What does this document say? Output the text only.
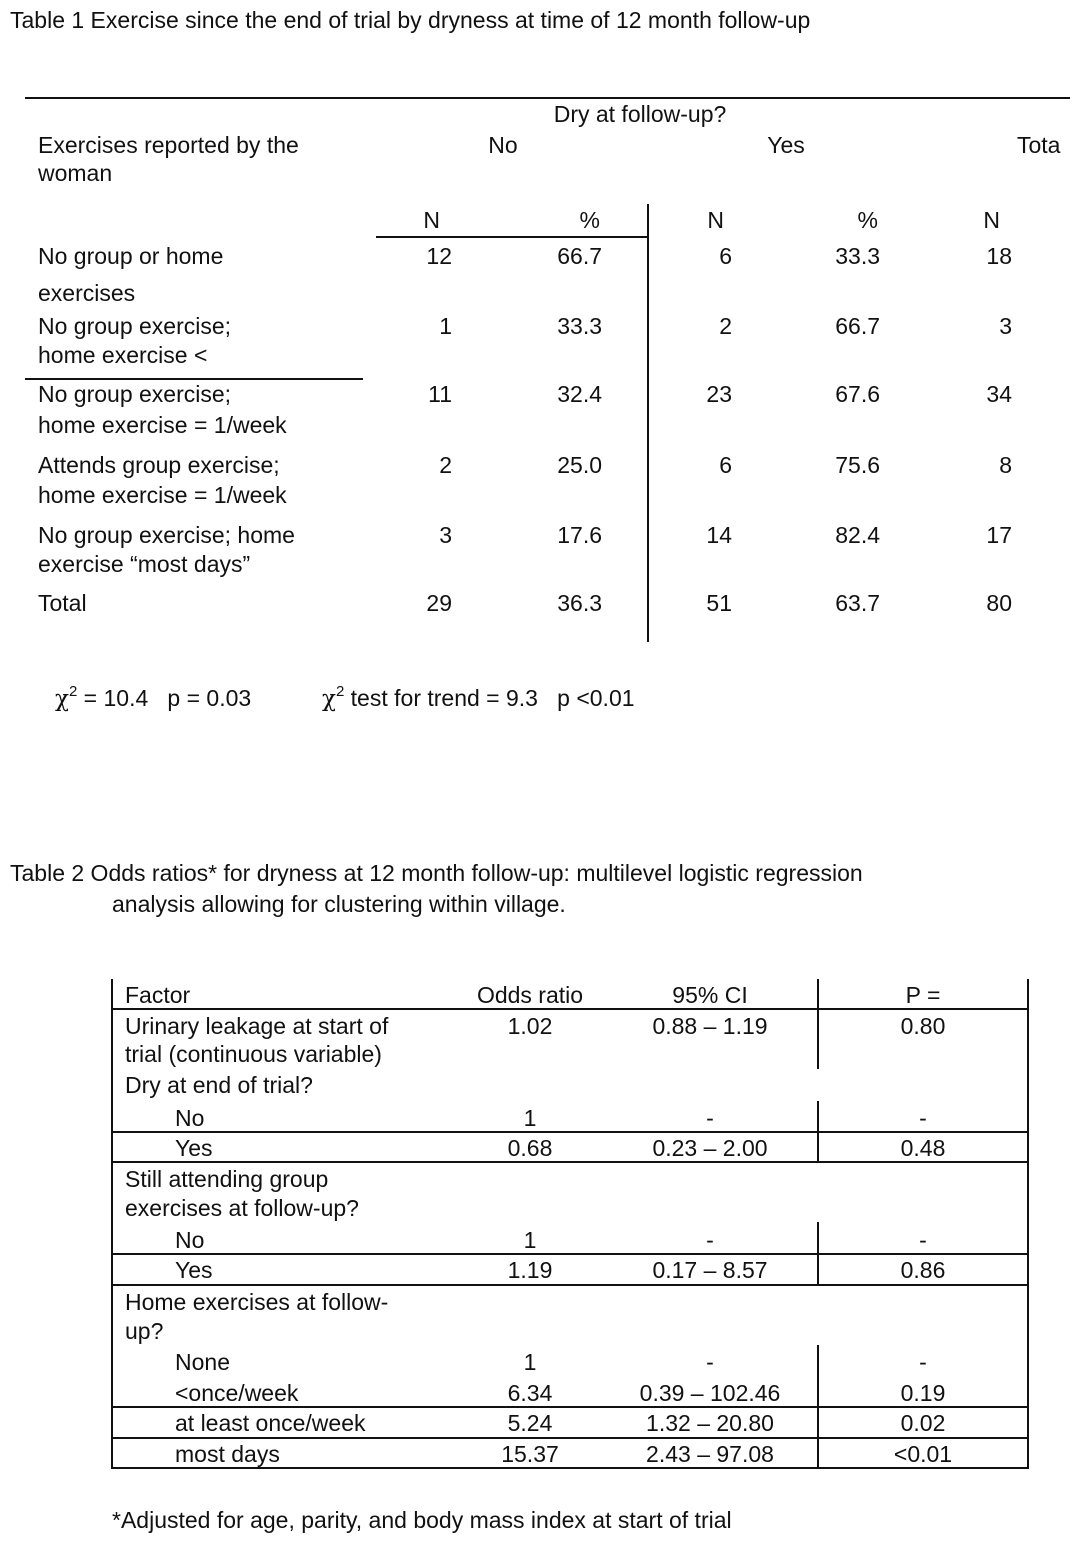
Table 1 Exercise since the end of trial by dryness at time of 12 month follow-up
Dry at follow-up?
Exercises reported by the woman
No	Yes	Tota
N	%	N	%	N
No group or home
exercises
12	66.7	6	33.3	18
No group exercise;
home exercise <
1	33.3	2	66.7	3
No group exercise;
home exercise = 1/week
11	32.4	23	67.6	34
Attends group exercise;
home exercise = 1/week
2	25.0	6	75.6	8
No group exercise; home
exercise “most days”
3	17.6	14	82.4	17
Total	29	36.3	51	63.7	80
$\chi^2 = 10.4$   p = 0.03	$\chi^2$ test for trend = 9.3   p <0.01
Table 2 Odds ratios* for dryness at 12 month follow-up: multilevel logistic regression
analysis allowing for clustering within village.
Factor	Odds ratio	95% CI	P =
Urinary leakage at start of
trial (continuous variable)
1.02	0.88 – 1.19	0.80
Dry at end of trial?
No	1	-	-
Yes	0.68	0.23 – 2.00	0.48
Still attending group
exercises at follow-up?
No	1	-	-
Yes	1.19	0.17 – 8.57	0.86
Home exercises at follow-
up?
None	1	-	-
<once/week	6.34	0.39 – 102.46	0.19
at least once/week	5.24	1.32 – 20.80	0.02
most days	15.37	2.43 – 97.08	<0.01
*Adjusted for age, parity, and body mass index at start of trial
